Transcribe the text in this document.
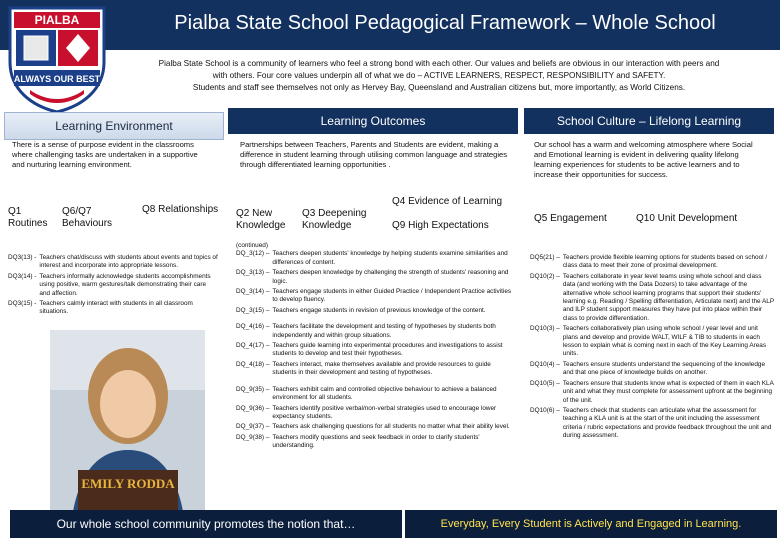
Pialba State School Pedagogical Framework – Whole School
PIALBA
ALWAYS OUR BEST

Pialba State School is a community of learners who feel a strong bond with each other. Our values and beliefs are obvious in our interaction with peers and

with others. Four core values underpin all of what we do – ACTIVE LEARNERS, RESPECT, RESPONSIBILITY and SAFETY.

Students and staff see themselves not only as Hervey Bay, Queensland and Australian citizens but, more importantly, as World Citizens.

Learning Environment	Learning Outcomes	School Culture – Lifelong Learning
There is a sense of purpose evident in the classrooms where challenging tasks are undertaken in a supportive and nurturing learning environment.
Partnerships between Teachers, Parents and Students are evident, making a difference in student learning through utilising common language and strategies through differentiated learning opportunities .
Our school has a warm and welcoming atmosphere where Social and Emotional learning is evident in delivering quality lifelong learning experiences for students to be active learners and to increase their opportunities for success.
Q1 Routines
Q6/Q7 Behaviours
Q8 Relationships	Q2 New Knowledge
Q3 Deepening Knowledge
Q4 Evidence of Learning
Q9 High Expectations
Q5 Engagement	Q10 Unit Development
DQ3(13) - Teachers chat/discuss with students about events and topics of interest and incorporate into appropriate lessons.
DQ3(14) - Teachers informally acknowledge students accomplishments using positive, warm gestures/talk demonstrating their care and affection.
DQ3(15) - Teachers calmly interact with students in all classroom situations.
EMILY RODDA
(continued)
DQ_3(12) – Teachers deepen students' knowledge by helping students examine similarities and differences of content.
DQ_3(13) – Teachers deepen knowledge by challenging the strength of students' reasoning and logic.
DQ_3(14) – Teachers engage students in either Guided Practice / Independent Practice activities to develop fluency.
DQ_3(15) – Teachers engage students in revision of previous knowledge of the content.
DQ_4(16) – Teachers facilitate the development and testing of hypotheses by students both independently and within group situations.
DQ_4(17) – Teachers guide learning into experimental procedures and investigations to assist students to develop and test their hypotheses.
DQ_4(18) – Teachers interact, make themselves available and provide resources to guide students in their development and testing of hypotheses.
DQ_9(35) – Teachers exhibit calm and controlled objective behaviour to achieve a balanced environment for all students.
DQ_9(36) – Teachers identify positive verbal/non-verbal strategies used to encourage lower expectancy students.
DQ_9(37) – Teachers ask challenging questions for all students no matter what their ability level.
DQ_9(38) – Teachers modify questions and seek feedback in order to clarify students' understanding.
DQ5(21) – Teachers provide flexible learning options for students based on school / class data to meet their zone of proximal development.
DQ10(2) – Teachers collaborate in year level teams using whole school and class data (and working with the Data Dozers) to take advantage of the alternative whole school learning programs that support their students' learning e.g. Reading / Spelling differentiation, Articulate next) and the ALP and ILP student support measures they have put into place within their class to provide differentiation.
DQ10(3) – Teachers collaboratively plan using whole school / year level and unit plans and develop and provide WALT, WILF & TIB to students in each lesson to explain what is coming next in each of the Key Learning Areas units.
DQ10(4) – Teachers ensure students understand the sequencing of the knowledge and that one piece of knowledge builds on another.
DQ10(5) – Teachers ensure that students know what is expected of them in each KLA unit and what they must complete for assessment upfront at the beginning of the unit.
DQ10(6) – Teachers check that students can articulate what the assessment for teaching a KLA unit is at the start of the unit including the assessment criteria / rubric expectations and provide feedback throughout the unit and during assessment.
Our whole school community promotes the notion that…	Everyday, Every Student is Actively and Engaged in Learning.
